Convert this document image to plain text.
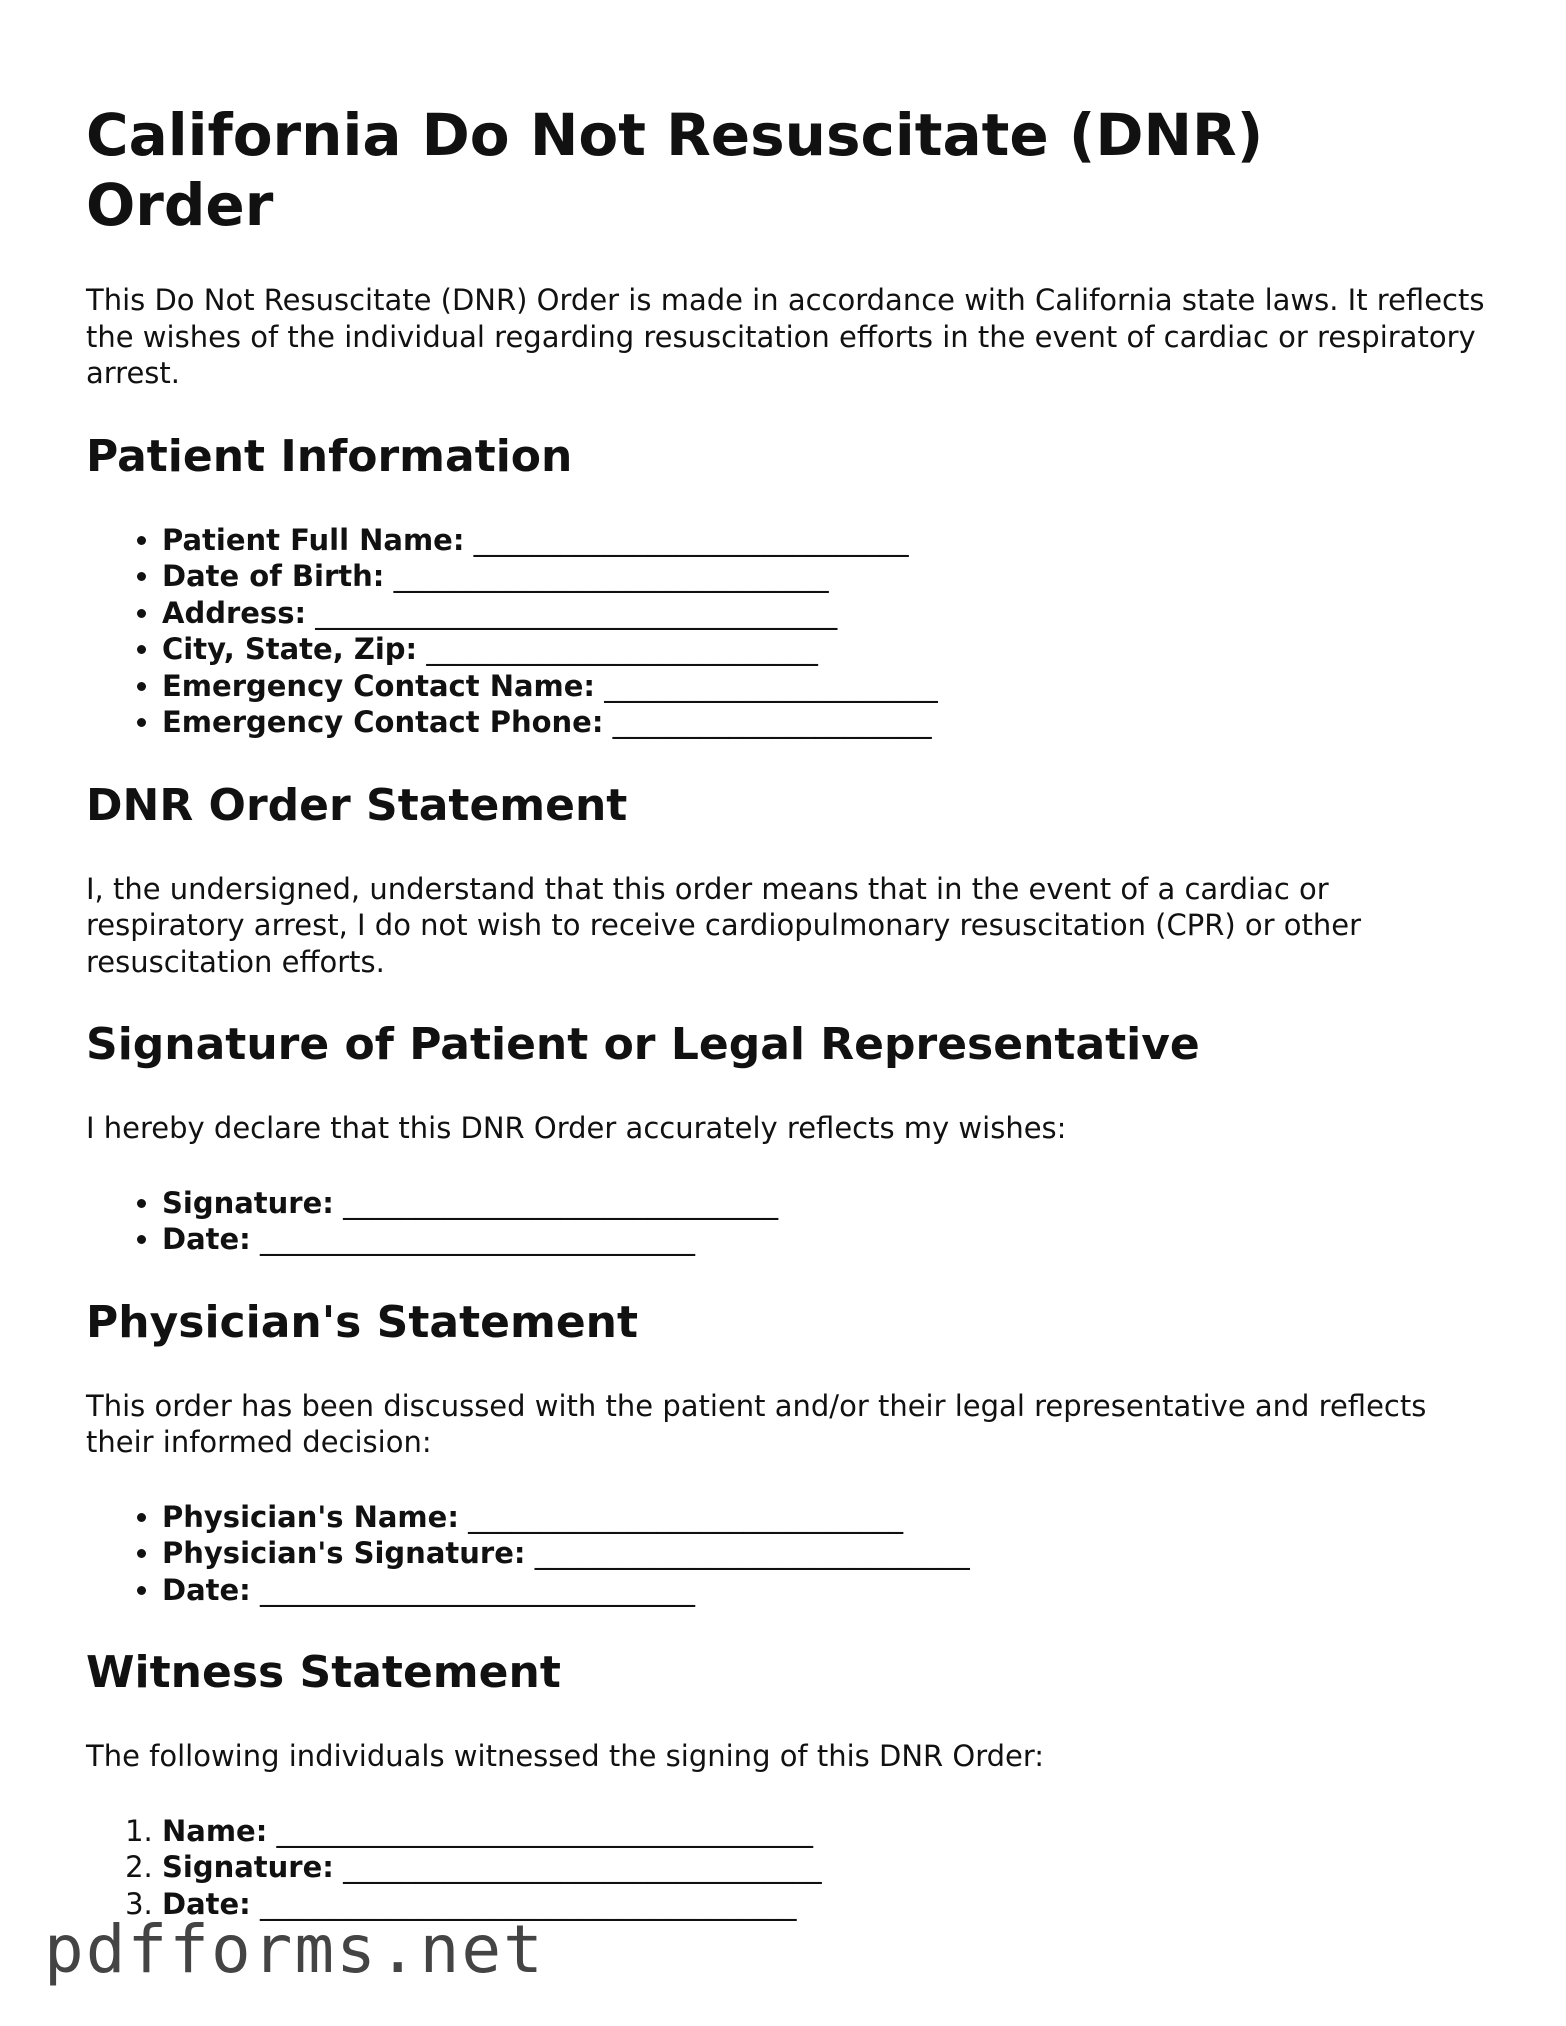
California Do Not Resuscitate (DNR) Order

This Do Not Resuscitate (DNR) Order is made in accordance with California state laws. It reflects the wishes of the individual regarding resuscitation efforts in the event of cardiac or respiratory arrest.

Patient Information
• Patient Full Name: ______________________________
• Date of Birth: ______________________________
• Address: ____________________________________
• City, State, Zip: ___________________________
• Emergency Contact Name: _______________________
• Emergency Contact Phone: ______________________
DNR Order Statement

I, the undersigned, understand that this order means that in the event of a cardiac or respiratory arrest, I do not wish to receive cardiopulmonary resuscitation (CPR) or other resuscitation efforts.

Signature of Patient or Legal Representative

I hereby declare that this DNR Order accurately reflects my wishes:

• Signature: ______________________________
• Date: ______________________________
Physician's Statement

This order has been discussed with the patient and/or their legal representative and reflects their informed decision:

• Physician's Name: ______________________________
• Physician's Signature: ______________________________
• Date: ______________________________
Witness Statement

The following individuals witnessed the signing of this DNR Order:

1. Name: _____________________________________
2. Signature: _________________________________
3. Date: _____________________________________
pdfforms.net
